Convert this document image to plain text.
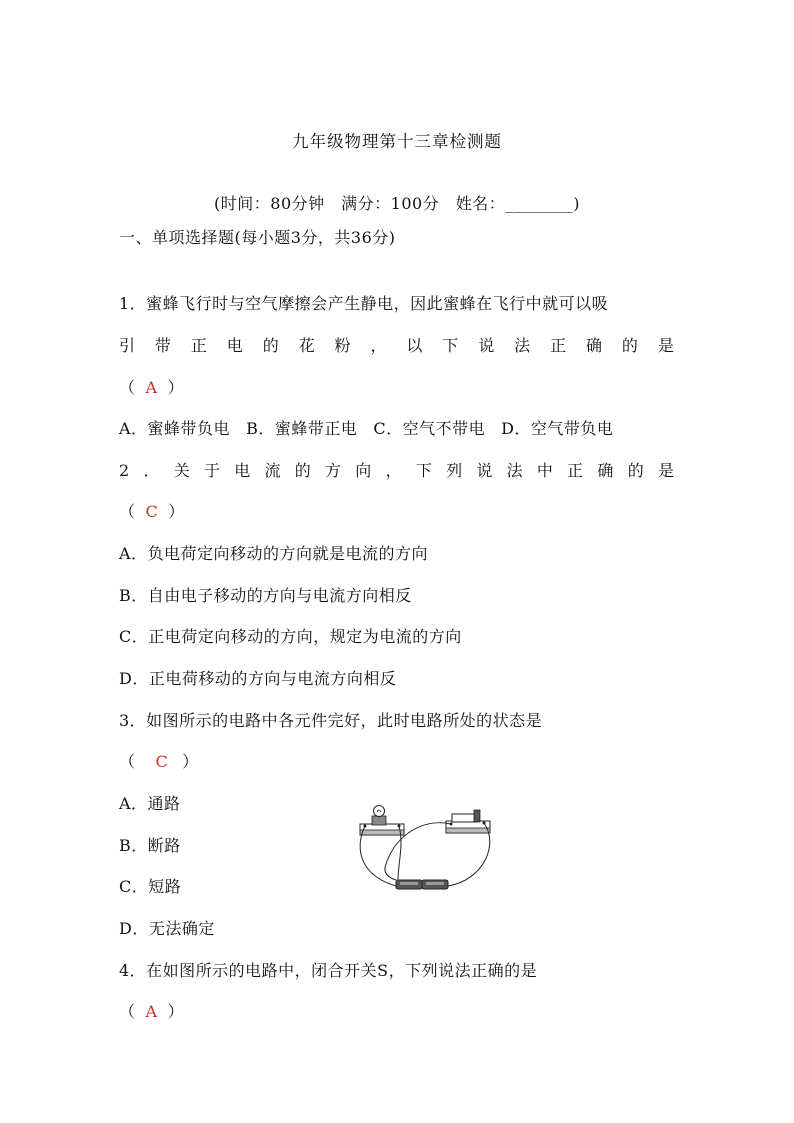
九年级物理第十三章检测题
(时间：80分钟　满分：100分　姓名：________)
一、单项选择题(每小题3分，共36分)
1．蜜蜂飞行时与空气摩擦会产生静电，因此蜜蜂在飞行中就可以吸
引 带 正 电 的 花 粉 ， 以 下 说 法 正 确 的 是
（ A ）
A．蜜蜂带负电 B．蜜蜂带正电 C．空气不带电 D．空气带负电
2 ． 关 于 电 流 的 方 向 ， 下 列 说 法 中 正 确 的 是
（ C ）
A．负电荷定向移动的方向就是电流的方向
B．自由电子移动的方向与电流方向相反
C．正电荷定向移动的方向，规定为电流的方向
D．正电荷移动的方向与电流方向相反
3．如图所示的电路中各元件完好，此时电路所处的状态是
（ C ）
A．通路
B．断路
C．短路
D．无法确定
4．在如图所示的电路中，闭合开关S，下列说法正确的是
（ A ）
